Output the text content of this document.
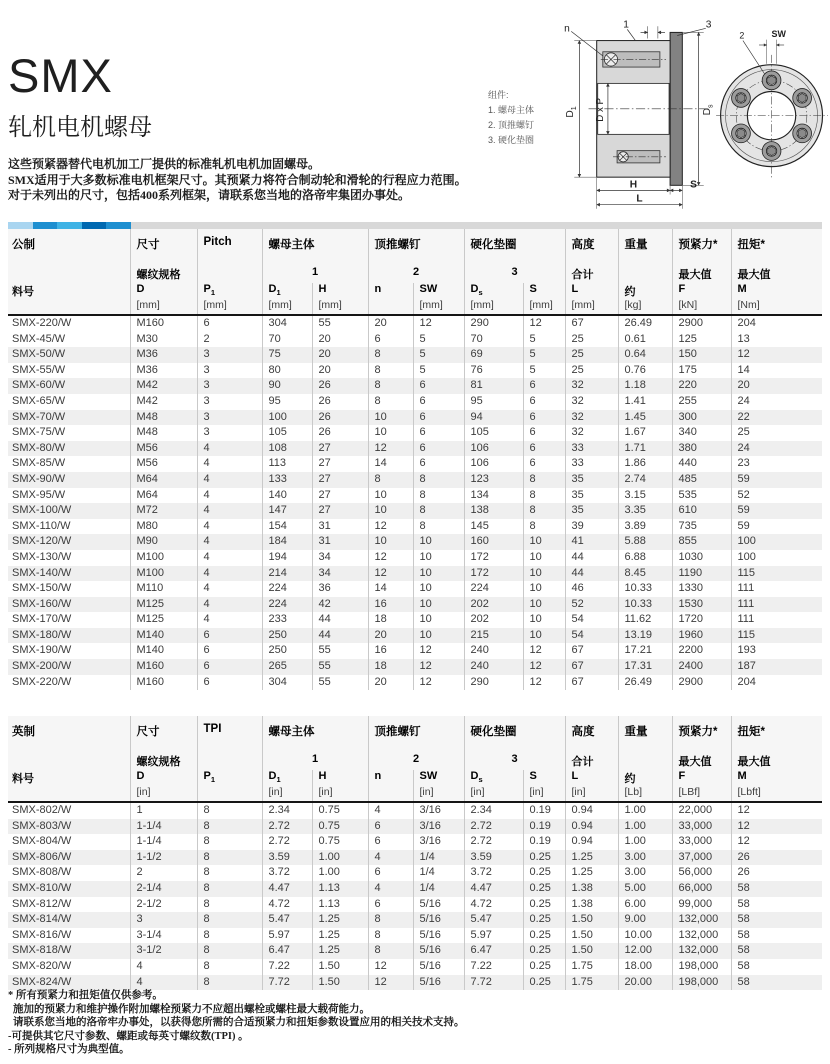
SMX
轧机电机螺母
这些预紧器替代电机加工厂提供的标准轧机电机加固螺母。
SMX适用于大多数标准电机框架尺寸。其预紧力将符合制动轮和滑轮的行程应力范围。
对于未列出的尺寸，包括400系列框架，请联系您当地的洛帝牢集团办事处。
组件:
1. 螺母主体
2. 顶推螺钉
3. 硬化垫圈
$D_1$ D x P	$D_s$
H	S
L
n	1	3
SW
2
公制	尺寸	Pitch	螺母主体		顶推螺钉		硬化垫圈		高度	重量	预紧力*	扭矩*
	螺纹规格		1		2		3		合计		最大值	最大值
料号	D	$P_1$	$D_1$	H	n	SW	$D_s$	S	L	约	F	M
	[mm]	[mm]	[mm]	[mm]		[mm]	[mm]	[mm]	[mm]	[kg]	[kN]	[Nm]
SMX-220/W	M160	6	304	55	20	12	290	12	67	26.49	2900	204
SMX-45/W	M30	2	70	20	6	5	70	5	25	0.61	125	13
SMX-50/W	M36	3	75	20	8	5	69	5	25	0.64	150	12
SMX-55/W	M36	3	80	20	8	5	76	5	25	0.76	175	14
SMX-60/W	M42	3	90	26	8	6	81	6	32	1.18	220	20
SMX-65/W	M42	3	95	26	8	6	95	6	32	1.41	255	24
SMX-70/W	M48	3	100	26	10	6	94	6	32	1.45	300	22
SMX-75/W	M48	3	105	26	10	6	105	6	32	1.67	340	25
SMX-80/W	M56	4	108	27	12	6	106	6	33	1.71	380	24
SMX-85/W	M56	4	113	27	14	6	106	6	33	1.86	440	23
SMX-90/W	M64	4	133	27	8	8	123	8	35	2.74	485	59
SMX-95/W	M64	4	140	27	10	8	134	8	35	3.15	535	52
SMX-100/W	M72	4	147	27	10	8	138	8	35	3.35	610	59
SMX-110/W	M80	4	154	31	12	8	145	8	39	3.89	735	59
SMX-120/W	M90	4	184	31	10	10	160	10	41	5.88	855	100
SMX-130/W	M100	4	194	34	12	10	172	10	44	6.88	1030	100
SMX-140/W	M100	4	214	34	12	10	172	10	44	8.45	1190	115
SMX-150/W	M110	4	224	36	14	10	224	10	46	10.33	1330	111
SMX-160/W	M125	4	224	42	16	10	202	10	52	10.33	1530	111
SMX-170/W	M125	4	233	44	18	10	202	10	54	11.62	1720	111
SMX-180/W	M140	6	250	44	20	10	215	10	54	13.19	1960	115
SMX-190/W	M140	6	250	55	16	12	240	12	67	17.21	2200	193
SMX-200/W	M160	6	265	55	18	12	240	12	67	17.31	2400	187
SMX-220/W	M160	6	304	55	20	12	290	12	67	26.49	2900	204
英制	尺寸	TPI	螺母主体		顶推螺钉		硬化垫圈		高度	重量	预紧力*	扭矩*
	螺纹规格		1		2		3		合计		最大值	最大值
料号	D	$P_1$	$D_1$	H	n	SW	$D_s$	S	L	约	F	M
	[in]		[in]	[in]		[in]	[in]	[in]	[in]	[Lb]	[LBf]	[Lbft]
SMX-802/W	1	8	2.34	0.75	4	3/16	2.34	0.19	0.94	1.00	22,000	12
SMX-803/W	1-1/4	8	2.72	0.75	6	3/16	2.72	0.19	0.94	1.00	33,000	12
SMX-804/W	1-1/4	8	2.72	0.75	6	3/16	2.72	0.19	0.94	1.00	33,000	12
SMX-806/W	1-1/2	8	3.59	1.00	4	1/4	3.59	0.25	1.25	3.00	37,000	26
SMX-808/W	2	8	3.72	1.00	6	1/4	3.72	0.25	1.25	3.00	56,000	26
SMX-810/W	2-1/4	8	4.47	1.13	4	1/4	4.47	0.25	1.38	5.00	66,000	58
SMX-812/W	2-1/2	8	4.72	1.13	6	5/16	4.72	0.25	1.38	6.00	99,000	58
SMX-814/W	3	8	5.47	1.25	8	5/16	5.47	0.25	1.50	9.00	132,000	58
SMX-816/W	3-1/4	8	5.97	1.25	8	5/16	5.97	0.25	1.50	10.00	132,000	58
SMX-818/W	3-1/2	8	6.47	1.25	8	5/16	6.47	0.25	1.50	12.00	132,000	58
SMX-820/W	4	8	7.22	1.50	12	5/16	7.22	0.25	1.75	18.00	198,000	58
SMX-824/W	4	8	7.72	1.50	12	5/16	7.72	0.25	1.75	20.00	198,000	58
* 所有预紧力和扭矩值仅供参考。
施加的预紧力和维护操作附加螺栓预紧力不应超出螺栓或螺柱最大载荷能力。
请联系您当地的洛帝牢办事处，以获得您所需的合适预紧力和扭矩参数设置应用的相关技术支持。
-可提供其它尺寸参数、螺距或每英寸螺纹数(TPI) 。
- 所列规格尺寸为典型值。
